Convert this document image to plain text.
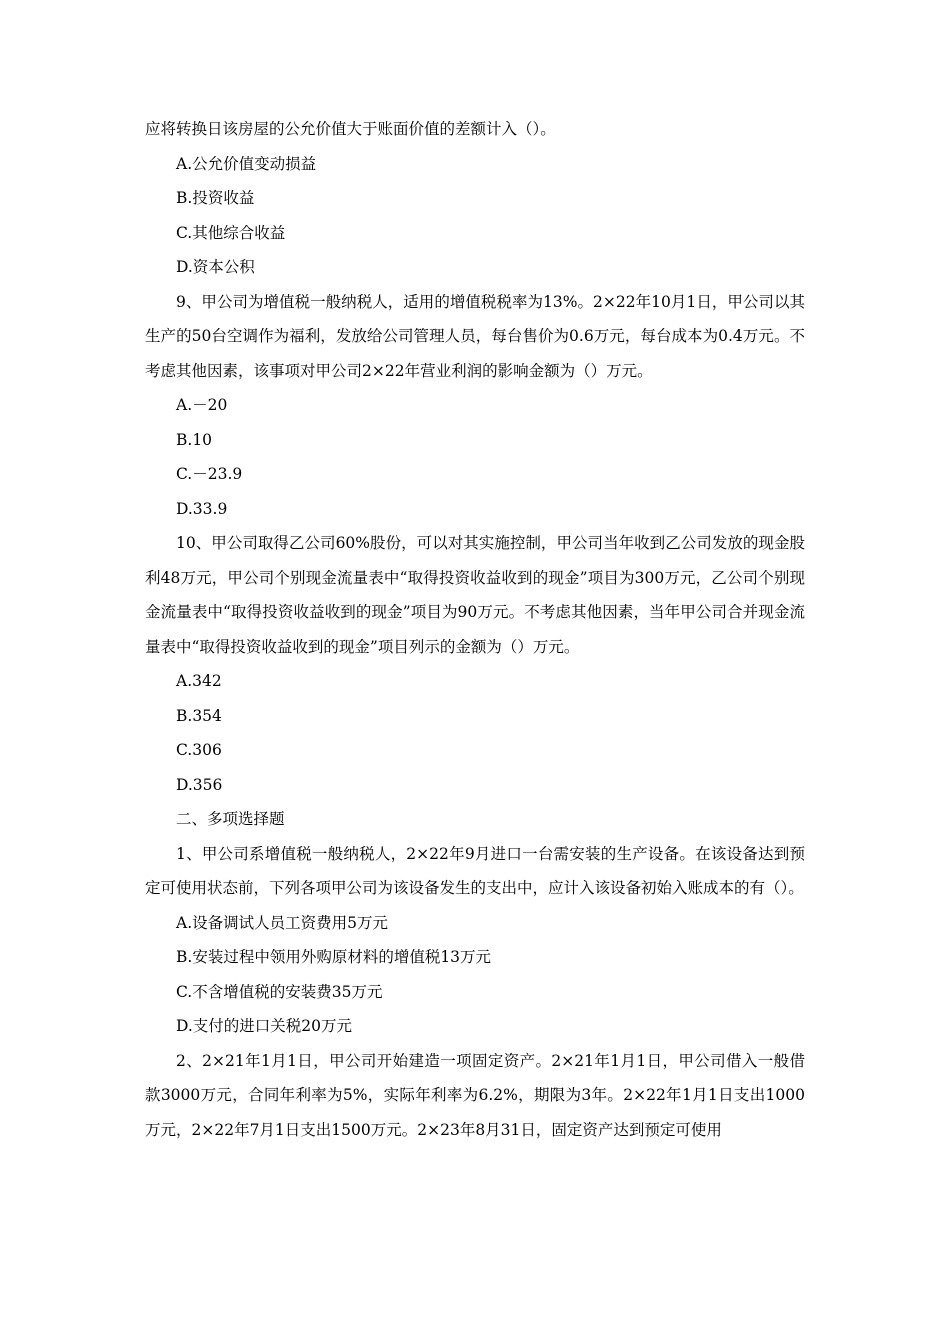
应将转换日该房屋的公允价值大于账面价值的差额计入（）。

A.公允价值变动损益

B.投资收益

C.其他综合收益

D.资本公积

9、甲公司为增值税一般纳税人，适用的增值税税率为13%。2×22年10月1日，甲公司以其生产的50台空调作为福利，发放给公司管理人员，每台售价为0.6万元，每台成本为0.4万元。不考虑其他因素，该事项对甲公司2×22年营业利润的影响金额为（）万元。

A.－20

B.10

C.－23.9

D.33.9

10、甲公司取得乙公司60%股份，可以对其实施控制，甲公司当年收到乙公司发放的现金股利48万元，甲公司个别现金流量表中“取得投资收益收到的现金”项目为300万元，乙公司个别现金流量表中“取得投资收益收到的现金”项目为90万元。不考虑其他因素，当年甲公司合并现金流量表中“取得投资收益收到的现金”项目列示的金额为（）万元。

A.342

B.354

C.306

D.356

二、多项选择题

1、甲公司系增值税一般纳税人，2×22年9月进口一台需安装的生产设备。在该设备达到预定可使用状态前，下列各项甲公司为该设备发生的支出中，应计入该设备初始入账成本的有（）。

A.设备调试人员工资费用5万元

B.安装过程中领用外购原材料的增值税13万元

C.不含增值税的安装费35万元

D.支付的进口关税20万元

2、2×21年1月1日，甲公司开始建造一项固定资产。2×21年1月1日，甲公司借入一般借款3000万元，合同年利率为5%，实际年利率为6.2%，期限为3年。2×22年1月1日支出1000万元，2×22年7月1日支出1500万元。2×23年8月31日，固定资产达到预定可使用
